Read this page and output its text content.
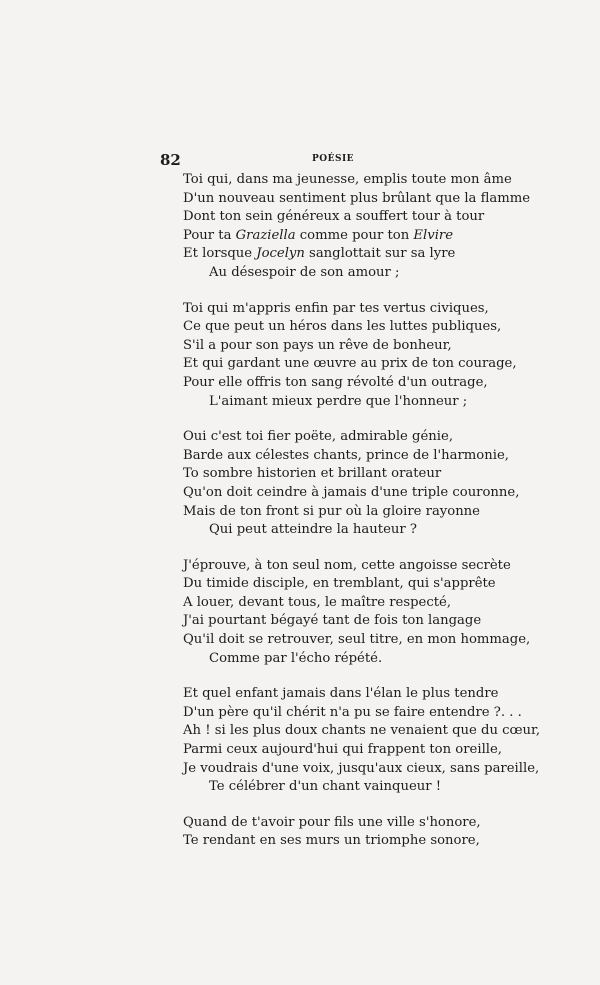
82	POÉSIE
Toi qui, dans ma jeunesse, emplis toute mon âme
D'un nouveau sentiment plus brûlant que la flamme
Dont ton sein généreux a souffert tour à tour
Pour ta Graziella comme pour ton Elvire
Et lorsque Jocelyn sanglottait sur sa lyre
Au désespoir de son amour ;
Toi qui m'appris enfin par tes vertus civiques,
Ce que peut un héros dans les luttes publiques,
S'il a pour son pays un rêve de bonheur,
Et qui gardant une œuvre au prix de ton courage,
Pour elle offris ton sang révolté d'un outrage,
L'aimant mieux perdre que l'honneur ;
Oui c'est toi fier poëte, admirable génie,
Barde aux célestes chants, prince de l'harmonie,
To sombre historien et brillant orateur
Qu'on doit ceindre à jamais d'une triple couronne,
Mais de ton front si pur où la gloire rayonne
Qui peut atteindre la hauteur ?
J'éprouve, à ton seul nom, cette angoisse secrète
Du timide disciple, en tremblant, qui s'apprête
A louer, devant tous, le maître respecté,
J'ai pourtant bégayé tant de fois ton langage
Qu'il doit se retrouver, seul titre, en mon hommage,
Comme par l'écho répété.
Et quel enfant jamais dans l'élan le plus tendre
D'un père qu'il chérit n'a pu se faire entendre ?. . .
Ah ! si les plus doux chants ne venaient que du cœur,
Parmi ceux aujourd'hui qui frappent ton oreille,
Je voudrais d'une voix, jusqu'aux cieux, sans pareille,
Te célébrer d'un chant vainqueur !
Quand de t'avoir pour fils une ville s'honore,
Te rendant en ses murs un triomphe sonore,
